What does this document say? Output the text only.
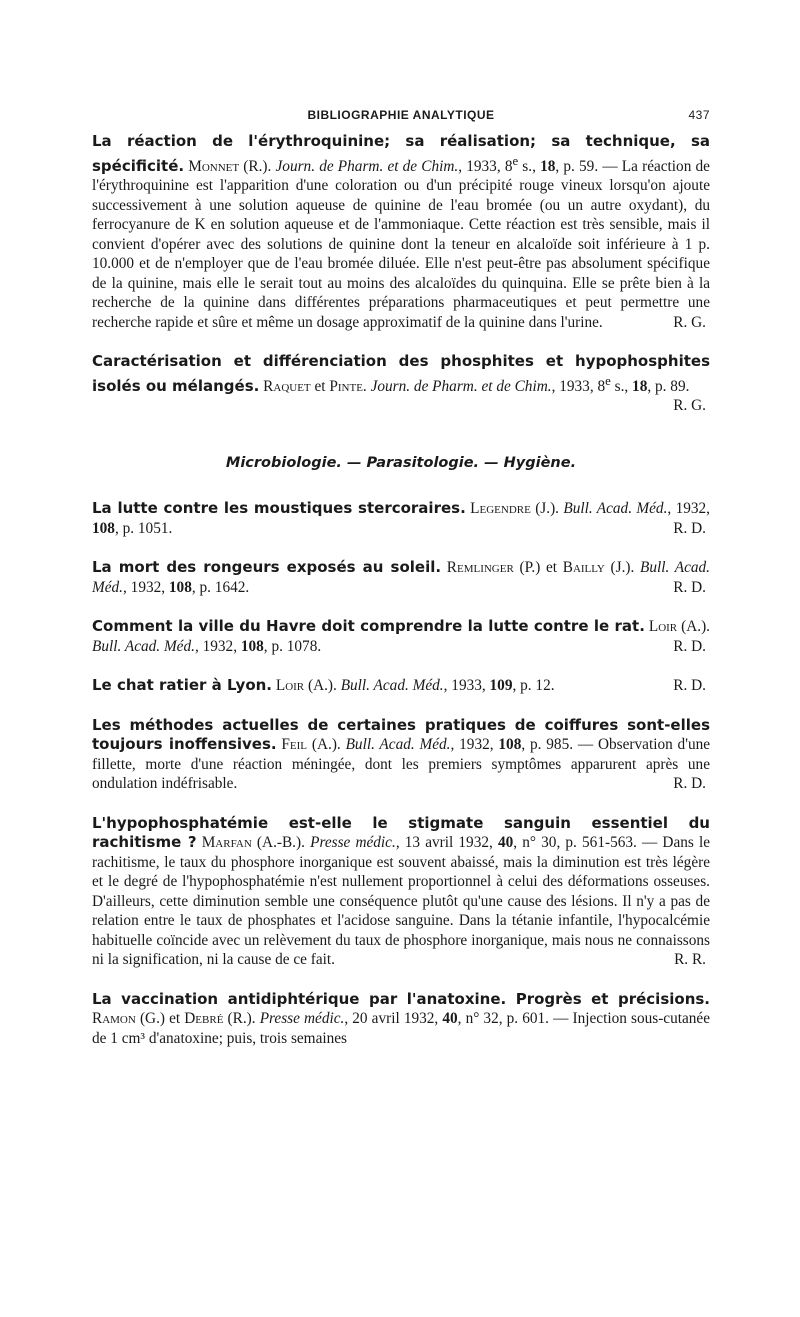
BIBLIOGRAPHIE ANALYTIQUE	437

La réaction de l'érythroquinine; sa réalisation; sa technique, sa spécificité. Monnet (R.). Journ. de Pharm. et de Chim., 1933, 8e s., 18, p. 59. — La réaction de l'érythroquinine est l'apparition d'une coloration ou d'un précipité rouge vineux lorsqu'on ajoute successivement à une solution aqueuse de quinine de l'eau bromée (ou un autre oxydant), du ferrocyanure de K en solution aqueuse et de l'ammoniaque. Cette réaction est très sensible, mais il convient d'opérer avec des solutions de quinine dont la teneur en alcaloïde soit inférieure à 1 p. 10.000 et de n'employer que de l'eau bromée diluée. Elle n'est peut-être pas absolument spécifique de la quinine, mais elle le serait tout au moins des alcaloïdes du quinquina. Elle se prête bien à la recherche de la quinine dans différentes préparations pharmaceutiques et peut permettre une recherche rapide et sûre et même un dosage approximatif de la quinine dans l'urine.	R. G.

Caractérisation et différenciation des phosphites et hypophosphites isolés ou mélangés. Raquet et Pinte. Journ. de Pharm. et de Chim., 1933, 8e s., 18, p. 89.
R. G.

Microbiologie. — Parasitologie. — Hygiène.

La lutte contre les moustiques stercoraires. Legendre (J.). Bull. Acad. Méd., 1932, 108, p. 1051.	R. D.

La mort des rongeurs exposés au soleil. Remlinger (P.) et Bailly (J.). Bull. Acad. Méd., 1932, 108, p. 1642.	R. D.

Comment la ville du Havre doit comprendre la lutte contre le rat. Loir (A.). Bull. Acad. Méd., 1932, 108, p. 1078.	R. D.

Le chat ratier à Lyon. Loir (A.). Bull. Acad. Méd., 1933, 109, p. 12.	R. D.

Les méthodes actuelles de certaines pratiques de coiffures sont-elles toujours inoffensives. Feil (A.). Bull. Acad. Méd., 1932, 108, p. 985. — Observation d'une fillette, morte d'une réaction méningée, dont les premiers symptômes apparurent après une ondulation indéfrisable.	R. D.

L'hypophosphatémie est-elle le stigmate sanguin essentiel du rachitisme ? Marfan (A.-B.). Presse médic., 13 avril 1932, 40, n° 30, p. 561-563. — Dans le rachitisme, le taux du phosphore inorganique est souvent abaissé, mais la diminution est très légère et le degré de l'hypophosphatémie n'est nullement proportionnel à celui des déformations osseuses. D'ailleurs, cette diminution semble une conséquence plutôt qu'une cause des lésions. Il n'y a pas de relation entre le taux de phosphates et l'acidose sanguine. Dans la tétanie infantile, l'hypocalcémie habituelle coïncide avec un relèvement du taux de phosphore inorganique, mais nous ne connaissons ni la signification, ni la cause de ce fait.	R. R.

La vaccination antidiphtérique par l'anatoxine. Progrès et précisions. Ramon (G.) et Debré (R.). Presse médic., 20 avril 1932, 40, n° 32, p. 601. — Injection sous-cutanée de 1 cm³ d'anatoxine; puis, trois semaines
